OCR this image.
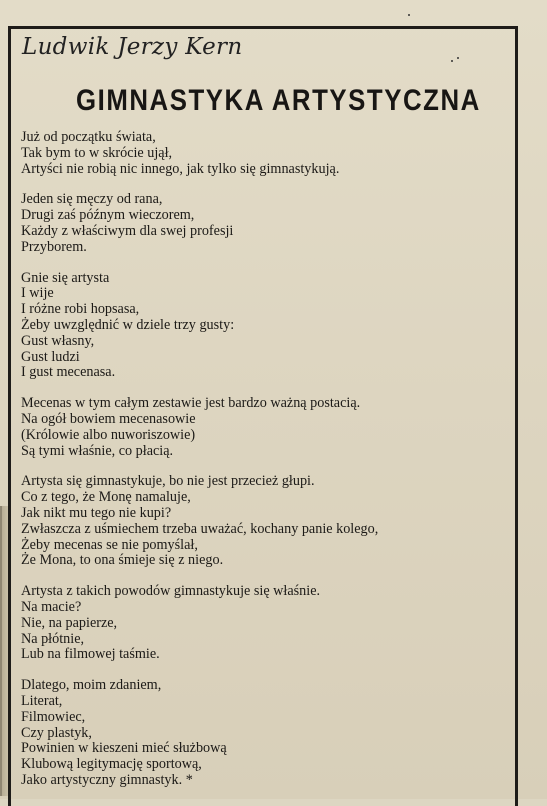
Ludwik Jerzy Kern
GIMNASTYKA ARTYSTYCZNA
Już od początku świata,
Tak bym to w skrócie ujął,
Artyści nie robią nic innego, jak tylko się gimnastykują.
Jeden się męczy od rana,
Drugi zaś późnym wieczorem,
Każdy z właściwym dla swej profesji
Przyborem.
Gnie się artysta
I wije
I różne robi hopsasa,
Żeby uwzględnić w dziele trzy gusty:
Gust własny,
Gust ludzi
I gust mecenasa.
Mecenas w tym całym zestawie jest bardzo ważną postacią.
Na ogół bowiem mecenasowie
(Królowie albo nuworiszowie)
Są tymi właśnie, co płacią.
Artysta się gimnastykuje, bo nie jest przecież głupi.
Co z tego, że Monę namaluje,
Jak nikt mu tego nie kupi?
Zwłaszcza z uśmiechem trzeba uważać, kochany panie kolego,
Żeby mecenas se nie pomyślał,
Że Mona, to ona śmieje się z niego.
Artysta z takich powodów gimnastykuje się właśnie.
Na macie?
Nie, na papierze,
Na płótnie,
Lub na filmowej taśmie.
Dlatego, moim zdaniem,
Literat,
Filmowiec,
Czy plastyk,
Powinien w kieszeni mieć służbową
Klubową legitymację sportową,
Jako artystyczny gimnastyk. *
